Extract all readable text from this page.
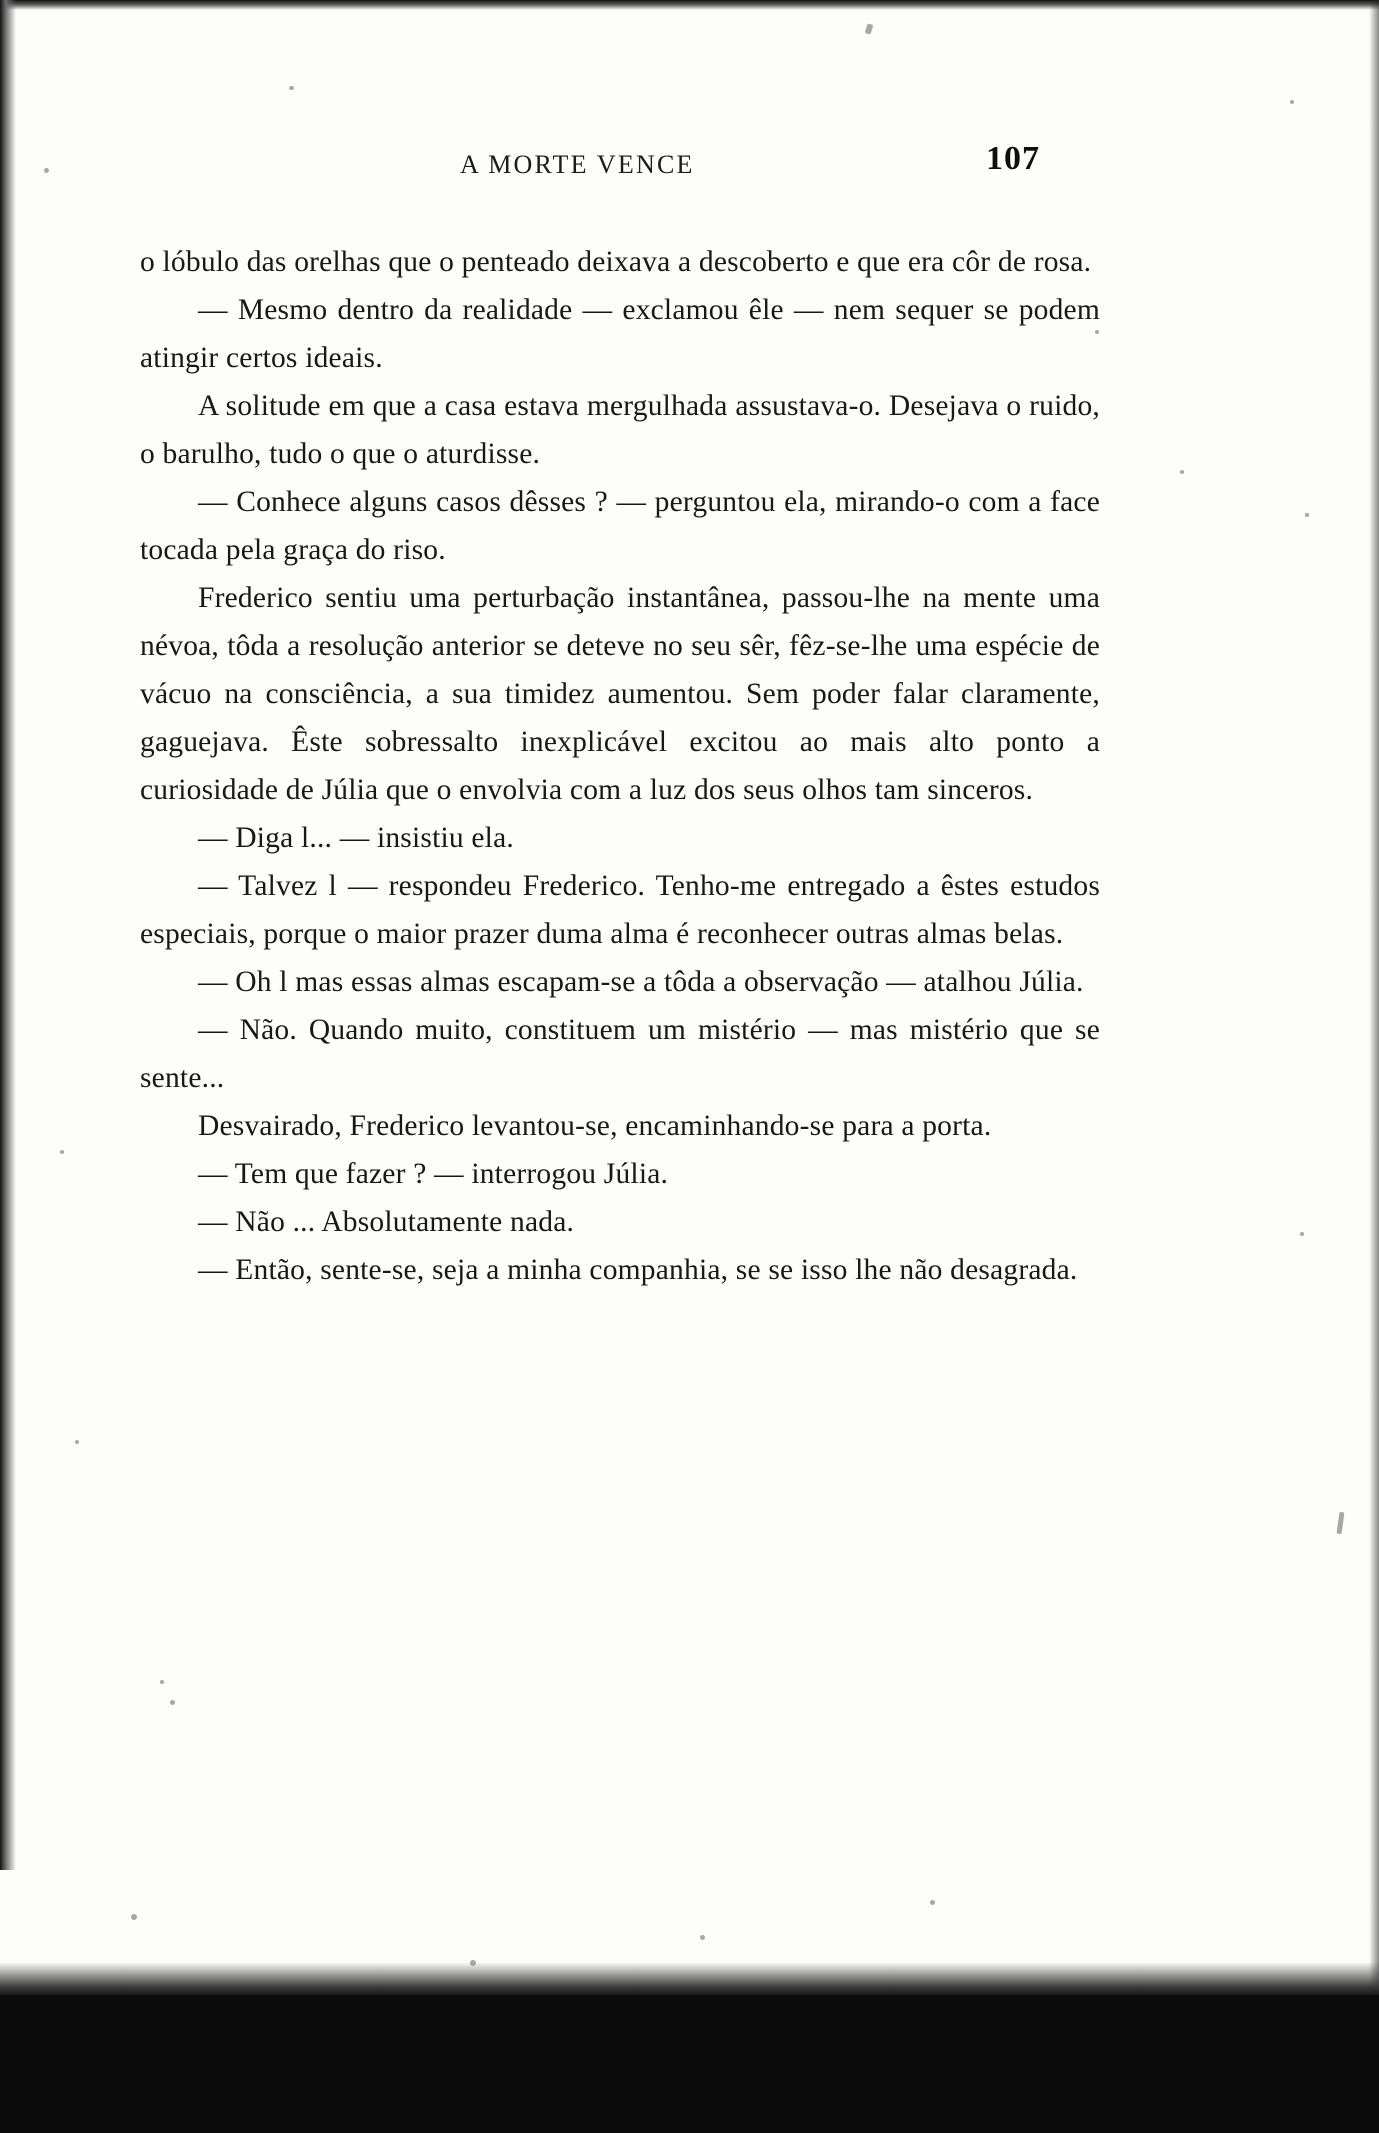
A MORTE VENCE	107

o lóbulo das orelhas que o penteado deixava a descoberto e que era côr de rosa.

— Mesmo dentro da realidade — exclamou êle — nem sequer se podem atingir certos ideais.

A solitude em que a casa estava mergulhada assustava-o. Desejava o ruido, o barulho, tudo o que o aturdisse.

— Conhece alguns casos dêsses ? — perguntou ela, mirando-o com a face tocada pela graça do riso.

Frederico sentiu uma perturbação instantânea, passou-lhe na mente uma névoa, tôda a resolução anterior se deteve no seu sêr, fêz-se-lhe uma espécie de vácuo na consciência, a sua timidez aumentou. Sem poder falar claramente, gaguejava. Êste sobressalto inexplicável excitou ao mais alto ponto a curiosidade de Júlia que o envolvia com a luz dos seus olhos tam sinceros.

— Diga l... — insistiu ela.

— Talvez l — respondeu Frederico. Tenho-me entregado a êstes estudos especiais, porque o maior prazer duma alma é reconhecer outras almas belas.

— Oh l mas essas almas escapam-se a tôda a observação — atalhou Júlia.

— Não. Quando muito, constituem um mistério — mas mistério que se sente...

Desvairado, Frederico levantou-se, encaminhando-se para a porta.

— Tem que fazer ? — interrogou Júlia.

— Não ... Absolutamente nada.

— Então, sente-se, seja a minha companhia, se se isso lhe não desagrada.
